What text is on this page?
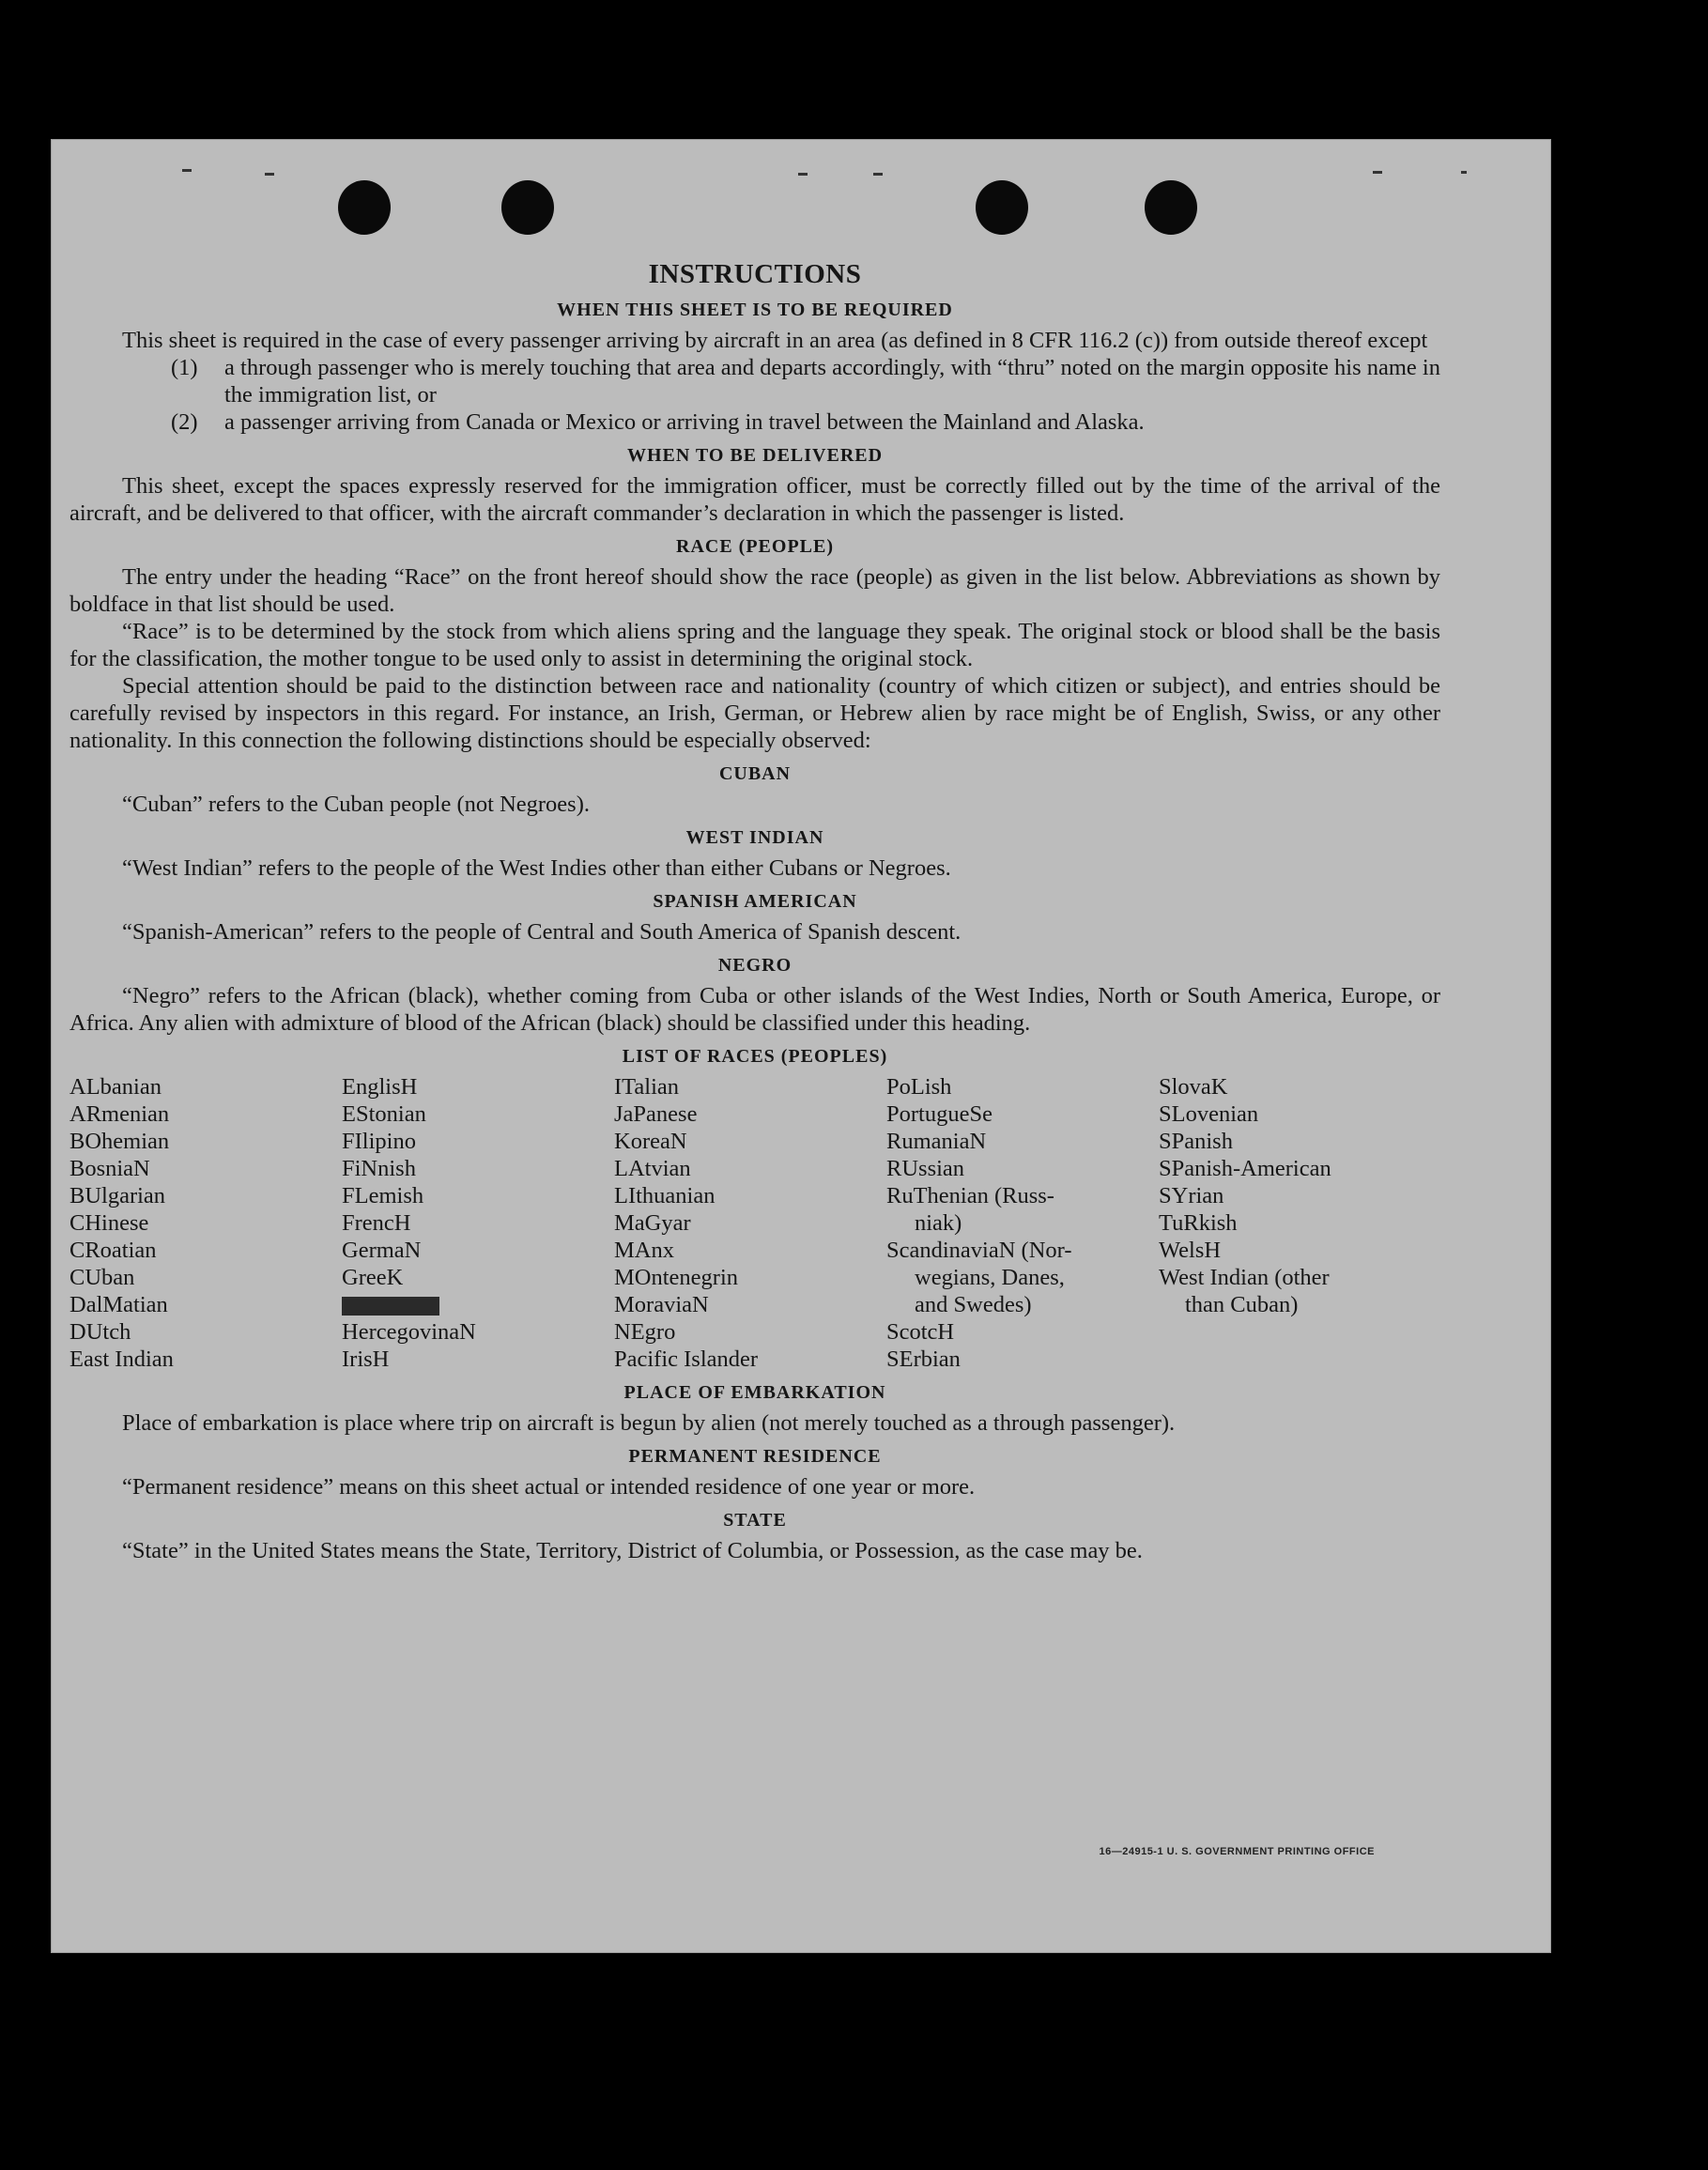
INSTRUCTIONS
WHEN THIS SHEET IS TO BE REQUIRED

This sheet is required in the case of every passenger arriving by aircraft in an area (as defined in 8 CFR 116.2 (c)) from outside thereof except

(1)	a through passenger who is merely touching that area and departs accordingly, with “thru” noted on the margin opposite his name in the immigration list, or
(2)	a passenger arriving from Canada or Mexico or arriving in travel between the Mainland and Alaska.
WHEN TO BE DELIVERED

This sheet, except the spaces expressly reserved for the immigration officer, must be correctly filled out by the time of the arrival of the aircraft, and be delivered to that officer, with the aircraft commander’s declaration in which the passenger is listed.

RACE (PEOPLE)

The entry under the heading “Race” on the front hereof should show the race (people) as given in the list below. Abbreviations as shown by boldface in that list should be used.

“Race” is to be determined by the stock from which aliens spring and the language they speak. The original stock or blood shall be the basis for the classification, the mother tongue to be used only to assist in determining the original stock.

Special attention should be paid to the distinction between race and nationality (country of which citizen or subject), and entries should be carefully revised by inspectors in this regard. For instance, an Irish, German, or Hebrew alien by race might be of English, Swiss, or any other nationality. In this connection the following distinctions should be especially observed:

CUBAN

“Cuban” refers to the Cuban people (not Negroes).

WEST INDIAN

“West Indian” refers to the people of the West Indies other than either Cubans or Negroes.

SPANISH AMERICAN

“Spanish-American” refers to the people of Central and South America of Spanish descent.

NEGRO

“Negro” refers to the African (black), whether coming from Cuba or other islands of the West Indies, North or South America, Europe, or Africa. Any alien with admixture of blood of the African (black) should be classified under this heading.

LIST OF RACES (PEOPLES)
ALbanian
ARmenian
BOhemian
BosniaN
BUlgarian
CHinese
CRoatian
CUban
DalMatian
DUtch
East Indian
EnglisH
EStonian
FIlipino
FiNnish
FLemish
FrencH
GermaN
GreeK
HercegovinaN
IrisH
ITalian
JaPanese
KoreaN
LAtvian
LIthuanian
MaGyar
MAnx
MOntenegrin
MoraviaN
NEgro
Pacific Islander
PoLish
PortugueSe
RumaniaN
RUssian
RuThenian (Russ-
niak)
ScandinaviaN (Nor-
wegians, Danes,
and Swedes)
ScotcH
SErbian
SlovaK
SLovenian
SPanish
SPanish-American
SYrian
TuRkish
WelsH
West Indian (other
than Cuban)
PLACE OF EMBARKATION

Place of embarkation is place where trip on aircraft is begun by alien (not merely touched as a through passenger).

PERMANENT RESIDENCE

“Permanent residence” means on this sheet actual or intended residence of one year or more.

STATE

“State” in the United States means the State, Territory, District of Columbia, or Possession, as the case may be.

16—24915-1 U. S. GOVERNMENT PRINTING OFFICE
